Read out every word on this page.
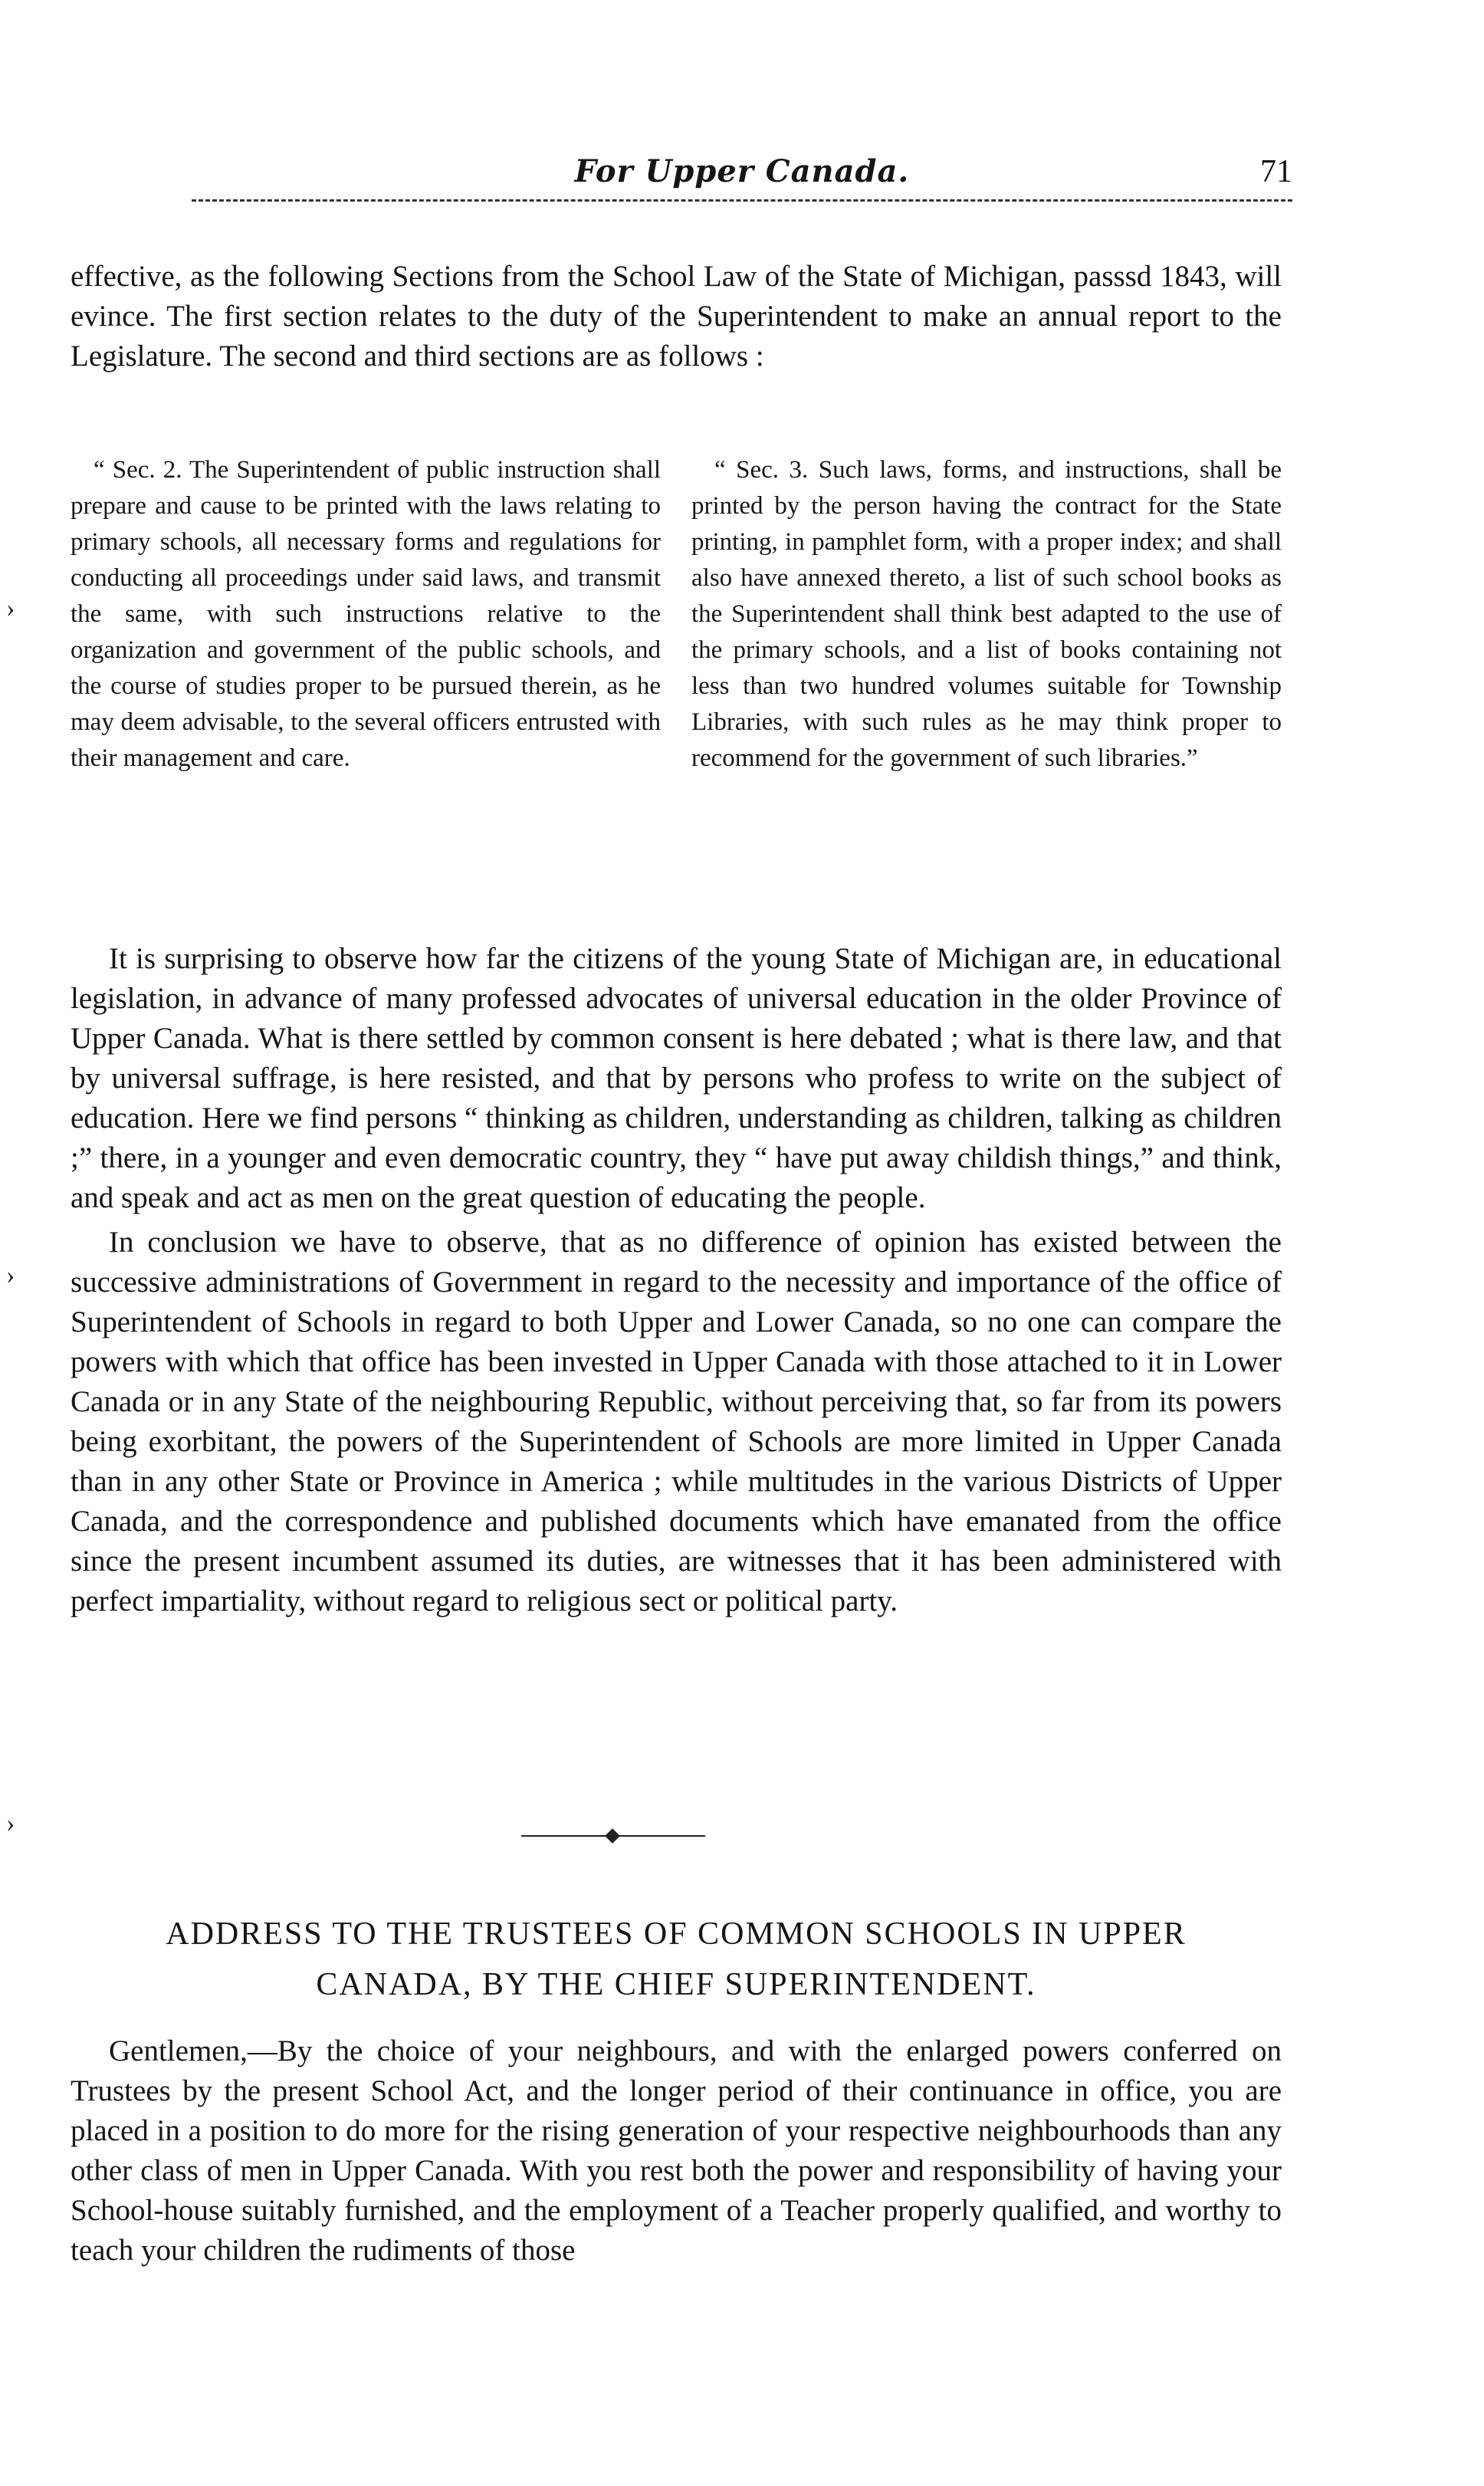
For Upper Canada.	71

effective, as the following Sections from the School Law of the State of Michigan, passsd 1843, will evince. The first section relates to the duty of the Superintendent to make an annual report to the Legislature. The second and third sections are as follows :

“ Sec. 2. The Superintendent of public instruction shall prepare and cause to be printed with the laws relating to primary schools, all necessary forms and regulations for conducting all proceedings under said laws, and transmit the same, with such instructions relative to the organization and government of the public schools, and the course of studies proper to be pursued therein, as he may deem advisable, to the several officers entrusted with their management and care.

“ Sec. 3. Such laws, forms, and instructions, shall be printed by the person having the contract for the State printing, in pamphlet form, with a proper index; and shall also have annexed thereto, a list of such school books as the Superintendent shall think best adapted to the use of the primary schools, and a list of books containing not less than two hundred volumes suitable for Township Libraries, with such rules as he may think proper to recommend for the government of such libraries.”

It is surprising to observe how far the citizens of the young State of Michigan are, in educational legislation, in advance of many professed advocates of universal education in the older Province of Upper Canada. What is there settled by common consent is here debated ; what is there law, and that by universal suffrage, is here resisted, and that by persons who profess to write on the subject of education. Here we find persons “ thinking as children, understanding as children, talking as children ;” there, in a younger and even democratic country, they “ have put away childish things,” and think, and speak and act as men on the great question of educating the people.

In conclusion we have to observe, that as no difference of opinion has existed between the successive administrations of Government in regard to the necessity and importance of the office of Superintendent of Schools in regard to both Upper and Lower Canada, so no one can compare the powers with which that office has been invested in Upper Canada with those attached to it in Lower Canada or in any State of the neighbouring Republic, without perceiving that, so far from its powers being exorbitant, the powers of the Superintendent of Schools are more limited in Upper Canada than in any other State or Province in America ; while multitudes in the various Districts of Upper Canada, and the correspondence and published documents which have emanated from the office since the present incumbent assumed its duties, are witnesses that it has been administered with perfect impartiality, without regard to religious sect or political party.

ADDRESS TO THE TRUSTEES OF COMMON SCHOOLS IN UPPER
CANADA, BY THE CHIEF SUPERINTENDENT.

Gentlemen,—By the choice of your neighbours, and with the enlarged powers conferred on Trustees by the present School Act, and the longer period of their continuance in office, you are placed in a position to do more for the rising generation of your respective neighbourhoods than any other class of men in Upper Canada. With you rest both the power and responsibility of having your School-house suitably furnished, and the employment of a Teacher properly qualified, and worthy to teach your children the rudiments of those

›
›
›
